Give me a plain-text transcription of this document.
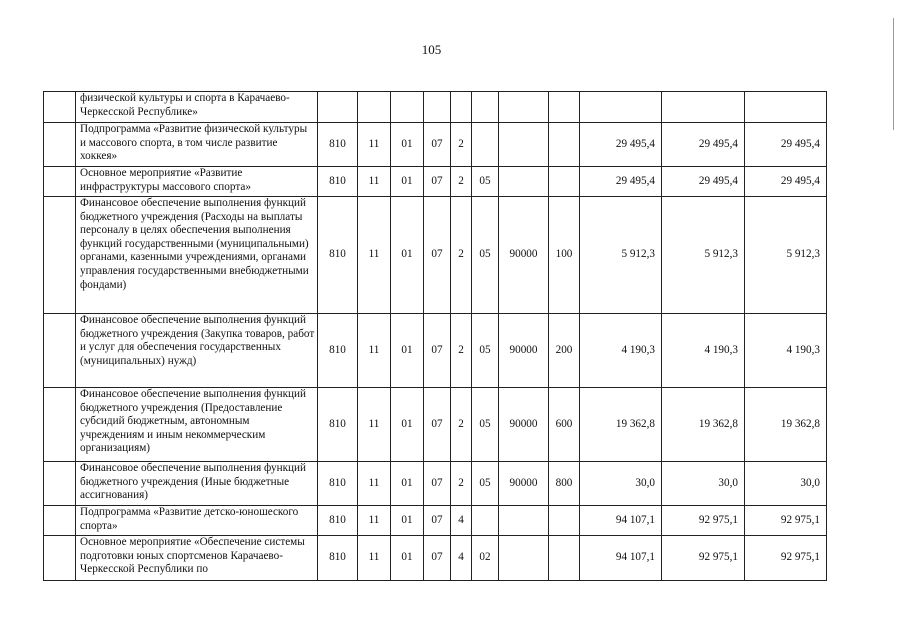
105
	физической культуры и спорта в Карачаево-Черкесской Республике»											
	Подпрограмма «Развитие физической культуры и массового спорта, в том числе развитие хоккея»	810	11	01	07	2				29 495,4	29 495,4	29 495,4
	Основное мероприятие «Развитие инфраструктуры массового спорта»	810	11	01	07	2	05			29 495,4	29 495,4	29 495,4
	Финансовое обеспечение выполнения функций бюджетного учреждения (Расходы на выплаты персоналу в целях обеспечения выполнения функций государственными (муниципальными) органами, казенными учреждениями, органами управления государственными внебюджетными фондами)	810	11	01	07	2	05	90000	100	5 912,3	5 912,3	5 912,3
	Финансовое обеспечение выполнения функций бюджетного учреждения (Закупка товаров, работ и услуг для обеспечения государственных (муниципальных) нужд)	810	11	01	07	2	05	90000	200	4 190,3	4 190,3	4 190,3
	Финансовое обеспечение выполнения функций бюджетного учреждения (Предоставление субсидий бюджетным, автономным учреждениям и иным некоммерческим организациям)	810	11	01	07	2	05	90000	600	19 362,8	19 362,8	19 362,8
	Финансовое обеспечение выполнения функций бюджетного учреждения (Иные бюджетные ассигнования)	810	11	01	07	2	05	90000	800	30,0	30,0	30,0
	Подпрограмма «Развитие детско-юношеского спорта»	810	11	01	07	4				94 107,1	92 975,1	92 975,1
	Основное мероприятие «Обеспечение системы подготовки юных спортсменов Карачаево-Черкесской Республики по	810	11	01	07	4	02			94 107,1	92 975,1	92 975,1
